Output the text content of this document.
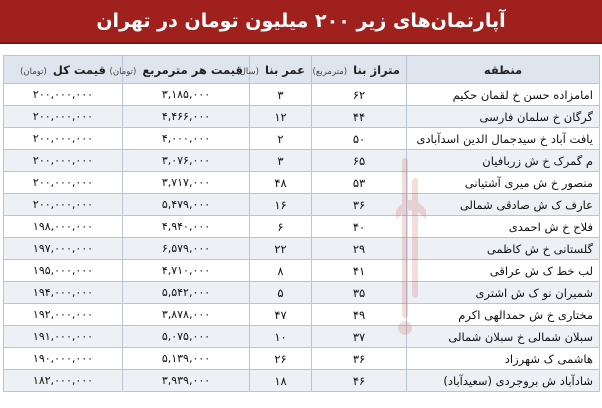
آپارتمان‌های زیر ۲۰۰ میلیون تومان در تهران
منطقه	متراژ بنا (مترمربع)	عمر بنا (سال)	قیمت هر مترمربع (تومان)	قیمت کل (تومان)
امامزاده حسن خ لقمان حکیم	۶۲	۳	۳,۱۸۵,۰۰۰	۲۰۰,۰۰۰,۰۰۰
گرگان خ سلمان فارسی	۴۴	۱۲	۴,۴۶۶,۰۰۰	۲۰۰,۰۰۰,۰۰۰
یافت آباد خ سیدجمال الدین اسدآبادی	۵۰	۲	۴,۰۰۰,۰۰۰	۲۰۰,۰۰۰,۰۰۰
م گمرک خ ش زربافیان	۶۵	۳	۳,۰۷۶,۰۰۰	۲۰۰,۰۰۰,۰۰۰
منصور خ ش میری آشتیانی	۵۳	۴۸	۳,۷۱۷,۰۰۰	۲۰۰,۰۰۰,۰۰۰
عارف ک ش صادقی شمالی	۳۶	۱۶	۵,۴۷۹,۰۰۰	۲۰۰,۰۰۰,۰۰۰
فلاح خ ش احمدی	۴۰	۶	۴,۹۴۰,۰۰۰	۱۹۸,۰۰۰,۰۰۰
گلستانی خ ش کاظمی	۲۹	۲۲	۶,۵۷۹,۰۰۰	۱۹۷,۰۰۰,۰۰۰
لب خط ک ش عراقی	۴۱	۸	۴,۷۱۰,۰۰۰	۱۹۵,۰۰۰,۰۰۰
شمیران نو ک ش اشتری	۳۵	۵	۵,۵۴۲,۰۰۰	۱۹۴,۰۰۰,۰۰۰
مختاری خ ش حمدالهی اکرم	۴۹	۴۷	۳,۸۷۸,۰۰۰	۱۹۲,۰۰۰,۰۰۰
سبلان شمالی خ سبلان شمالی	۳۷	۱۰	۵,۰۷۵,۰۰۰	۱۹۱,۰۰۰,۰۰۰
هاشمی ک شهرزاد	۳۶	۲۶	۵,۱۳۹,۰۰۰	۱۹۰,۰۰۰,۰۰۰
شادآباد ش بروجردی (سعیدآباد)	۴۶	۱۸	۳,۹۳۹,۰۰۰	۱۸۲,۰۰۰,۰۰۰
